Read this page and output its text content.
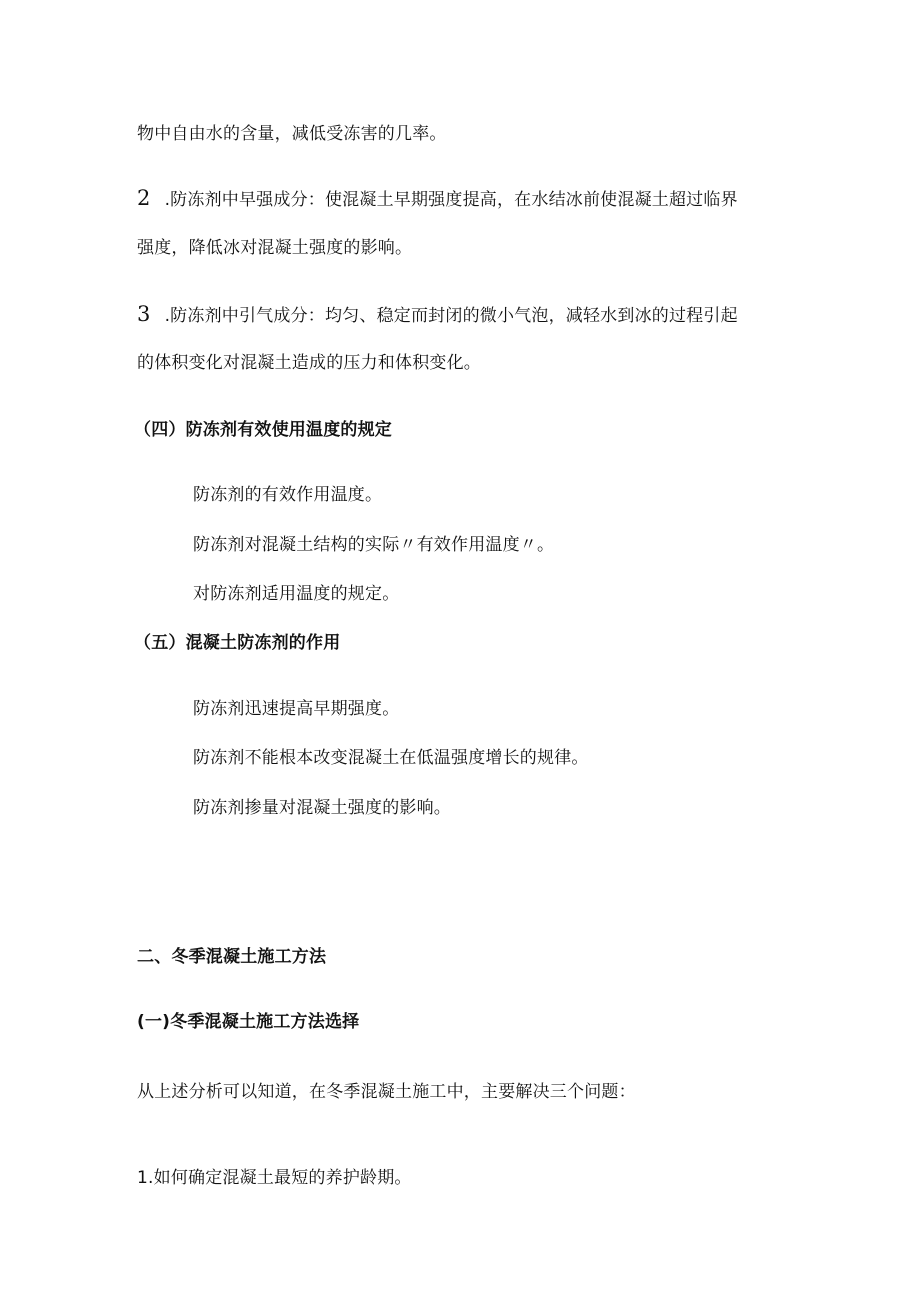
物中自由水的含量，减低受冻害的几率。
2 .防冻剂中早强成分：使混凝土早期强度提高，在水结冰前使混凝土超过临界
强度，降低冰对混凝土强度的影响。
3 .防冻剂中引气成分：均匀、稳定而封闭的微小气泡，减轻水到冰的过程引起
的体积变化对混凝土造成的压力和体积变化。
（四）防冻剂有效使用温度的规定
防冻剂的有效作用温度。
防冻剂对混凝土结构的实际〃有效作用温度〃。
对防冻剂适用温度的规定。
（五）混凝土防冻剂的作用
防冻剂迅速提高早期强度。
防冻剂不能根本改变混凝土在低温强度增长的规律。
防冻剂掺量对混凝土强度的影响。
二、冬季混凝土施工方法
(一)冬季混凝土施工方法选择
从上述分析可以知道，在冬季混凝土施工中，主要解决三个问题：
1.如何确定混凝土最短的养护龄期。
